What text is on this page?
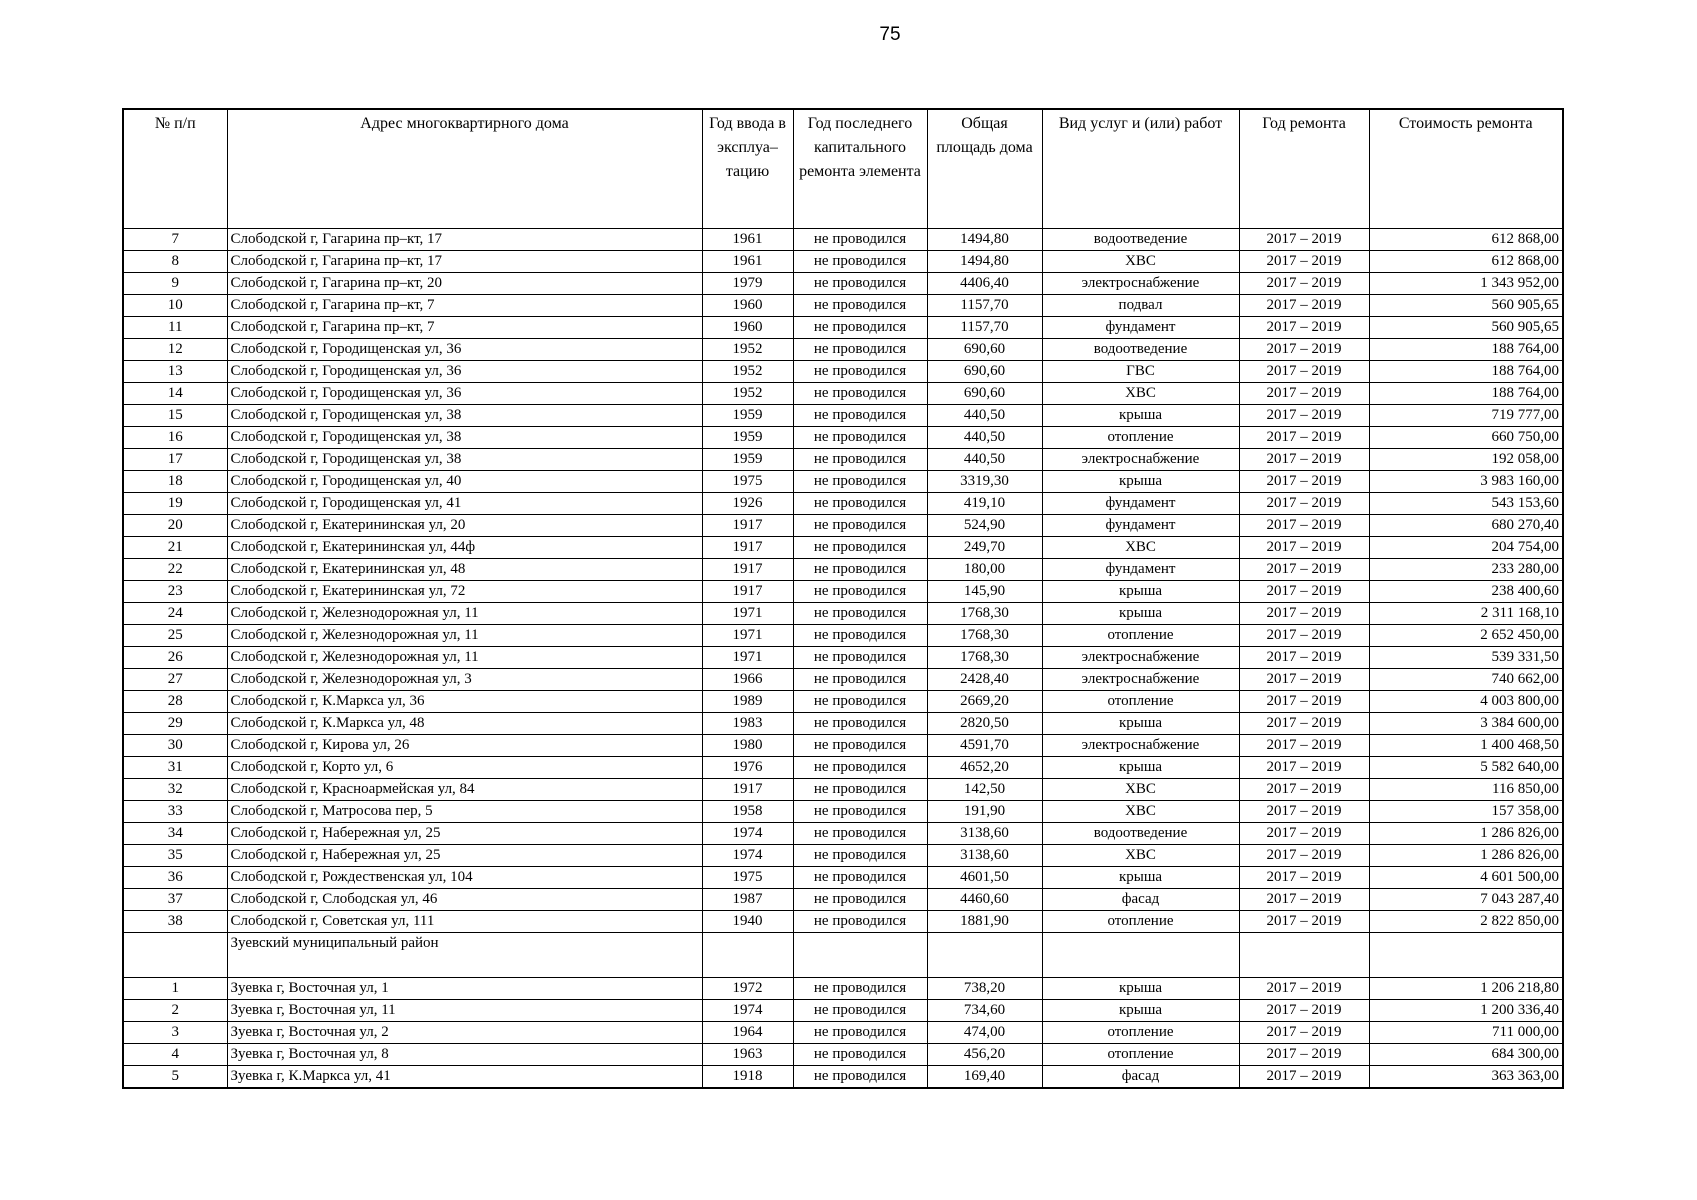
75
№ п/п	Адрес многоквартирного дома	Год ввода в эксплуа– тацию	Год последнего капитального ремонта элемента	Общая площадь дома	Вид услуг и (или) работ	Год ремонта	Стоимость ремонта
7	Слободской г, Гагарина пр–кт, 17	1961	не проводился	1494,80	водоотведение	2017 – 2019	612 868,00
8	Слободской г, Гагарина пр–кт, 17	1961	не проводился	1494,80	ХВС	2017 – 2019	612 868,00
9	Слободской г, Гагарина пр–кт, 20	1979	не проводился	4406,40	электроснабжение	2017 – 2019	1 343 952,00
10	Слободской г, Гагарина пр–кт, 7	1960	не проводился	1157,70	подвал	2017 – 2019	560 905,65
11	Слободской г, Гагарина пр–кт, 7	1960	не проводился	1157,70	фундамент	2017 – 2019	560 905,65
12	Слободской г, Городищенская ул, 36	1952	не проводился	690,60	водоотведение	2017 – 2019	188 764,00
13	Слободской г, Городищенская ул, 36	1952	не проводился	690,60	ГВС	2017 – 2019	188 764,00
14	Слободской г, Городищенская ул, 36	1952	не проводился	690,60	ХВС	2017 – 2019	188 764,00
15	Слободской г, Городищенская ул, 38	1959	не проводился	440,50	крыша	2017 – 2019	719 777,00
16	Слободской г, Городищенская ул, 38	1959	не проводился	440,50	отопление	2017 – 2019	660 750,00
17	Слободской г, Городищенская ул, 38	1959	не проводился	440,50	электроснабжение	2017 – 2019	192 058,00
18	Слободской г, Городищенская ул, 40	1975	не проводился	3319,30	крыша	2017 – 2019	3 983 160,00
19	Слободской г, Городищенская ул, 41	1926	не проводился	419,10	фундамент	2017 – 2019	543 153,60
20	Слободской г, Екатерининская ул, 20	1917	не проводился	524,90	фундамент	2017 – 2019	680 270,40
21	Слободской г, Екатерининская ул, 44ф	1917	не проводился	249,70	ХВС	2017 – 2019	204 754,00
22	Слободской г, Екатерининская ул, 48	1917	не проводился	180,00	фундамент	2017 – 2019	233 280,00
23	Слободской г, Екатерининская ул, 72	1917	не проводился	145,90	крыша	2017 – 2019	238 400,60
24	Слободской г, Железнодорожная ул, 11	1971	не проводился	1768,30	крыша	2017 – 2019	2 311 168,10
25	Слободской г, Железнодорожная ул, 11	1971	не проводился	1768,30	отопление	2017 – 2019	2 652 450,00
26	Слободской г, Железнодорожная ул, 11	1971	не проводился	1768,30	электроснабжение	2017 – 2019	539 331,50
27	Слободской г, Железнодорожная ул, 3	1966	не проводился	2428,40	электроснабжение	2017 – 2019	740 662,00
28	Слободской г, К.Маркса ул, 36	1989	не проводился	2669,20	отопление	2017 – 2019	4 003 800,00
29	Слободской г, К.Маркса ул, 48	1983	не проводился	2820,50	крыша	2017 – 2019	3 384 600,00
30	Слободской г, Кирова ул, 26	1980	не проводился	4591,70	электроснабжение	2017 – 2019	1 400 468,50
31	Слободской г, Корто ул, 6	1976	не проводился	4652,20	крыша	2017 – 2019	5 582 640,00
32	Слободской г, Красноармейская ул, 84	1917	не проводился	142,50	ХВС	2017 – 2019	116 850,00
33	Слободской г, Матросова пер, 5	1958	не проводился	191,90	ХВС	2017 – 2019	157 358,00
34	Слободской г, Набережная ул, 25	1974	не проводился	3138,60	водоотведение	2017 – 2019	1 286 826,00
35	Слободской г, Набережная ул, 25	1974	не проводился	3138,60	ХВС	2017 – 2019	1 286 826,00
36	Слободской г, Рождественская ул, 104	1975	не проводился	4601,50	крыша	2017 – 2019	4 601 500,00
37	Слободской г, Слободская ул, 46	1987	не проводился	4460,60	фасад	2017 – 2019	7 043 287,40
38	Слободской г, Советская ул, 111	1940	не проводился	1881,90	отопление	2017 – 2019	2 822 850,00
	Зуевский муниципальный район						
1	Зуевка г, Восточная ул, 1	1972	не проводился	738,20	крыша	2017 – 2019	1 206 218,80
2	Зуевка г, Восточная ул, 11	1974	не проводился	734,60	крыша	2017 – 2019	1 200 336,40
3	Зуевка г, Восточная ул, 2	1964	не проводился	474,00	отопление	2017 – 2019	711 000,00
4	Зуевка г, Восточная ул, 8	1963	не проводился	456,20	отопление	2017 – 2019	684 300,00
5	Зуевка г, К.Маркса ул, 41	1918	не проводился	169,40	фасад	2017 – 2019	363 363,00
